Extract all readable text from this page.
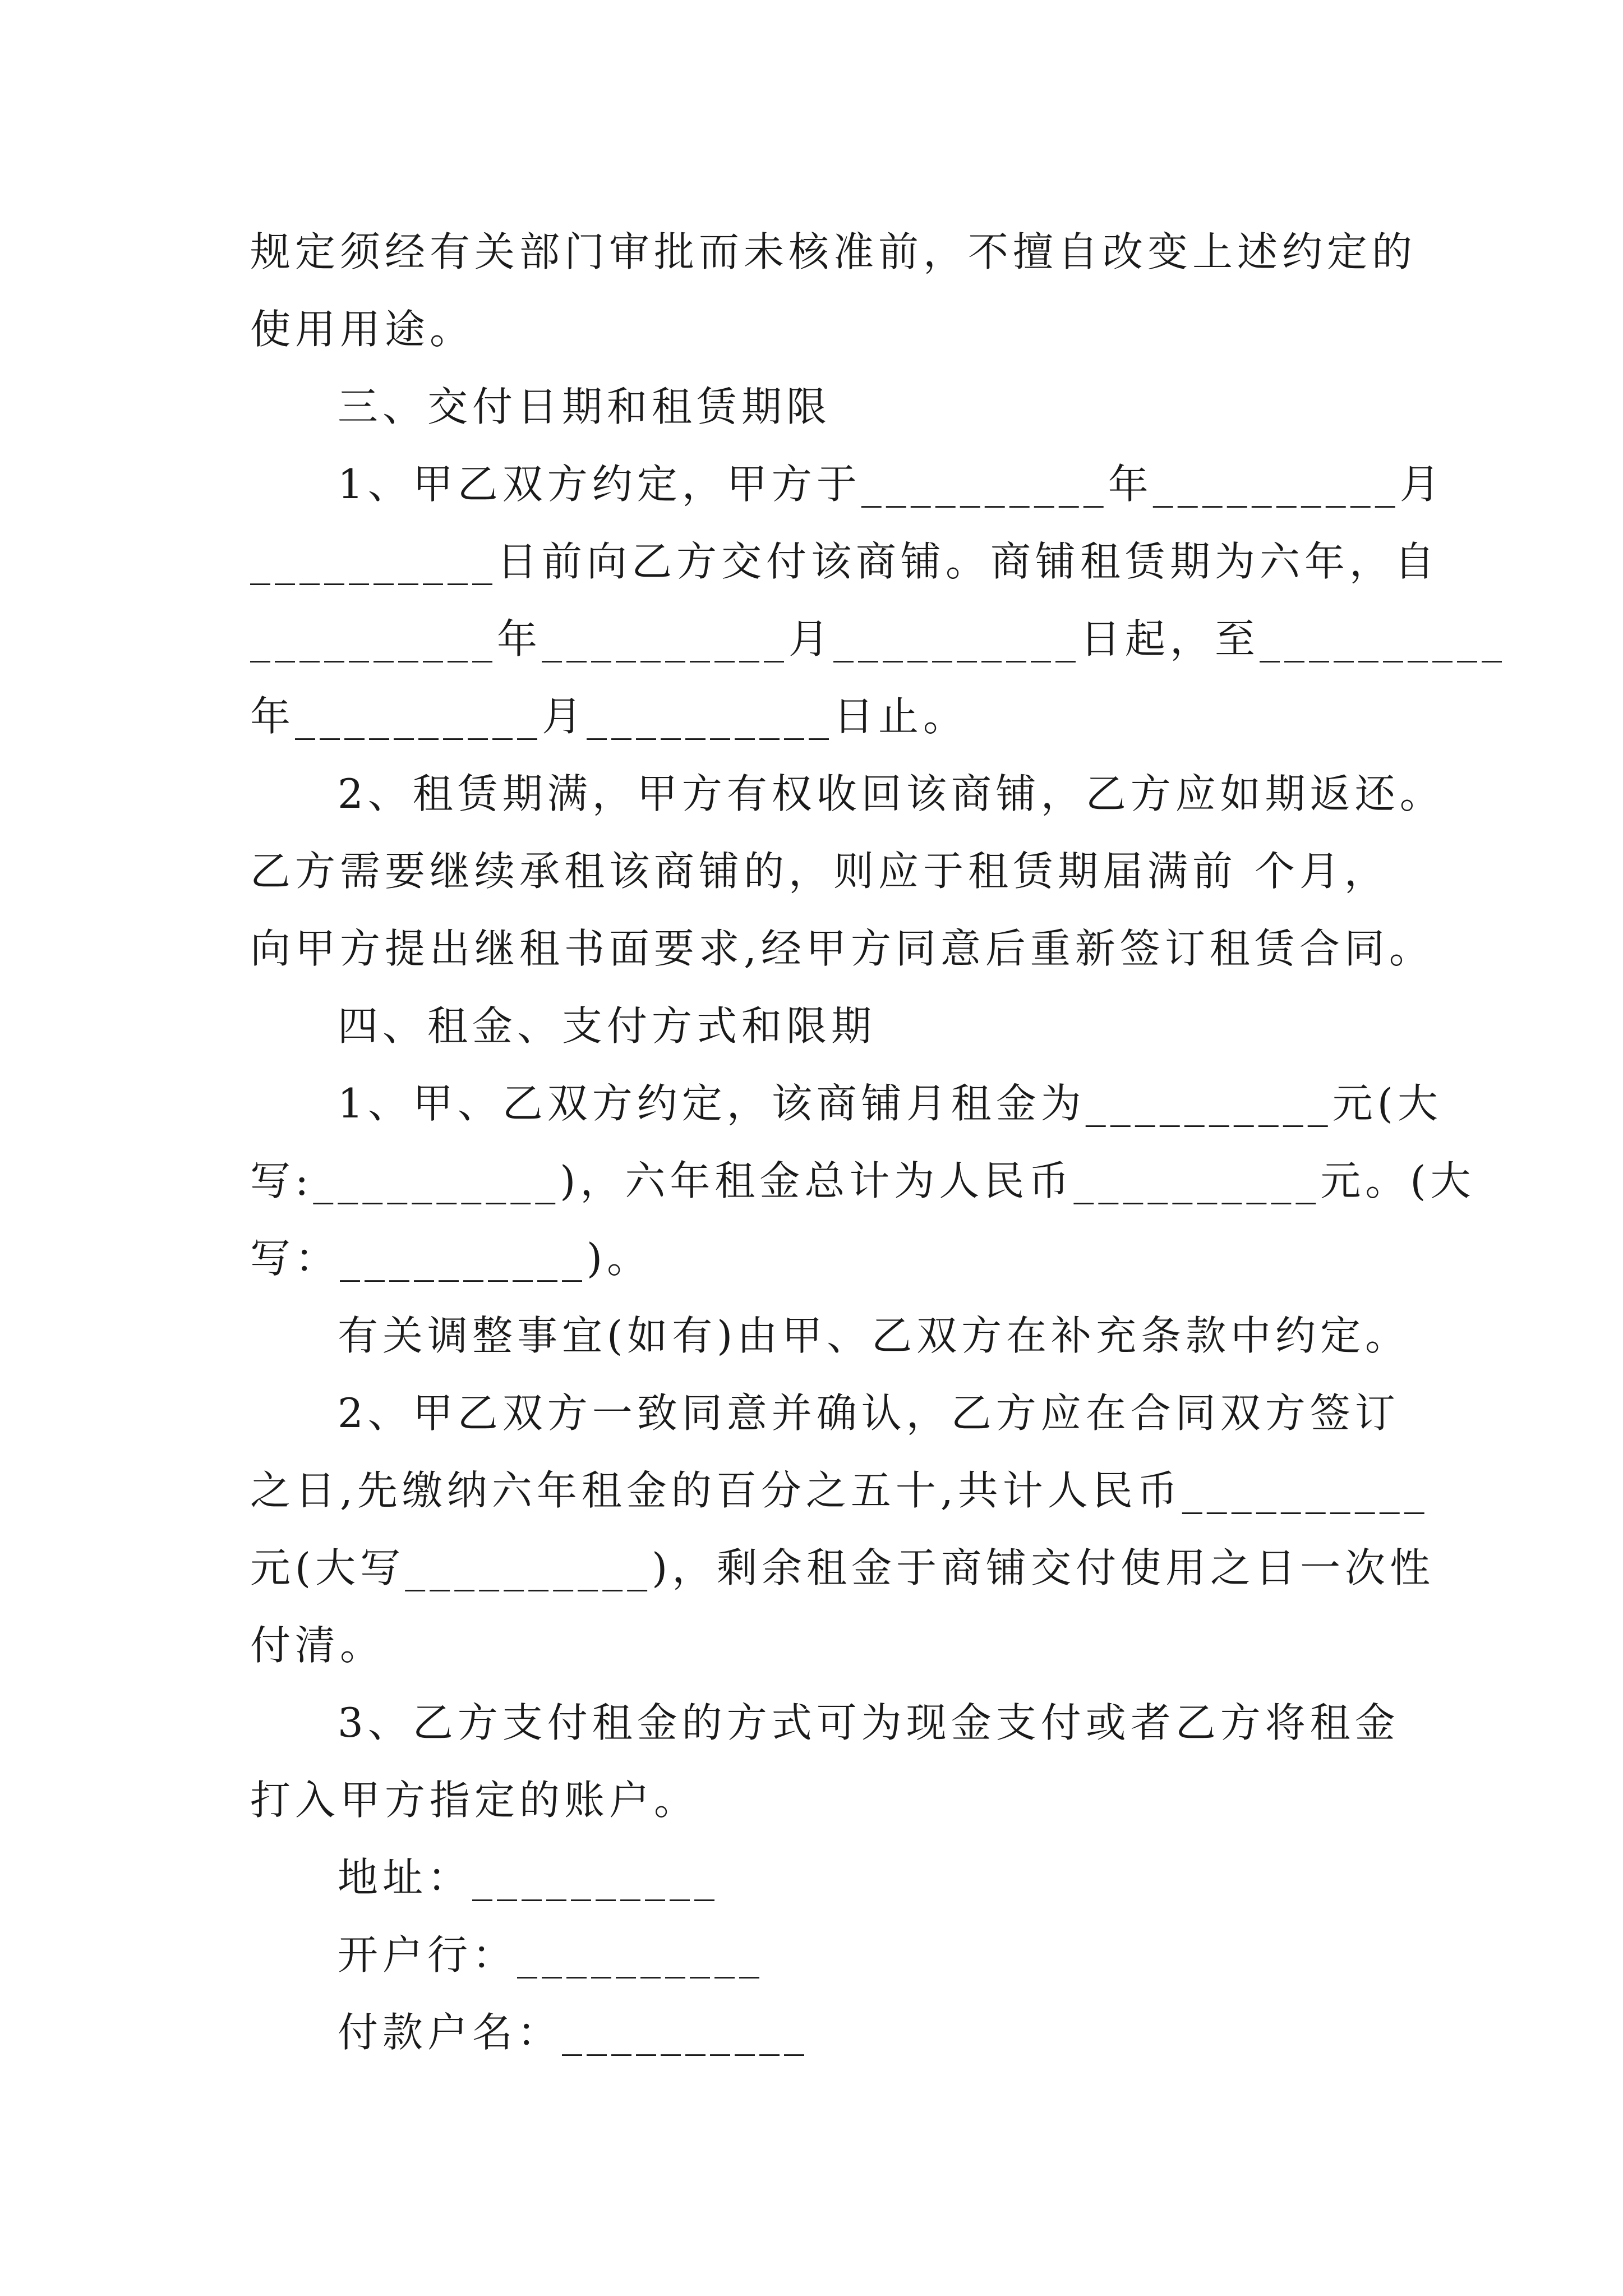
规定须经有关部门审批而未核准前，不擅自改变上述约定的
使用用途。
三、交付日期和租赁期限
1、甲乙双方约定，甲方于__________年__________月
__________日前向乙方交付该商铺。商铺租赁期为六年，自
__________年__________月__________日起，至__________
年__________月__________日止。
2、租赁期满，甲方有权收回该商铺，乙方应如期返还。
乙方需要继续承租该商铺的，则应于租赁期届满前 个月，
向甲方提出继租书面要求,经甲方同意后重新签订租赁合同。
四、租金、支付方式和限期
1、甲、乙双方约定，该商铺月租金为__________元(大
写:__________)，六年租金总计为人民币__________元。(大
写：__________)。
有关调整事宜(如有)由甲、乙双方在补充条款中约定。
2、甲乙双方一致同意并确认，乙方应在合同双方签订
之日,先缴纳六年租金的百分之五十,共计人民币__________
元(大写__________)，剩余租金于商铺交付使用之日一次性
付清。
3、乙方支付租金的方式可为现金支付或者乙方将租金
打入甲方指定的账户。
地址：__________
开户行：__________
付款户名：__________
